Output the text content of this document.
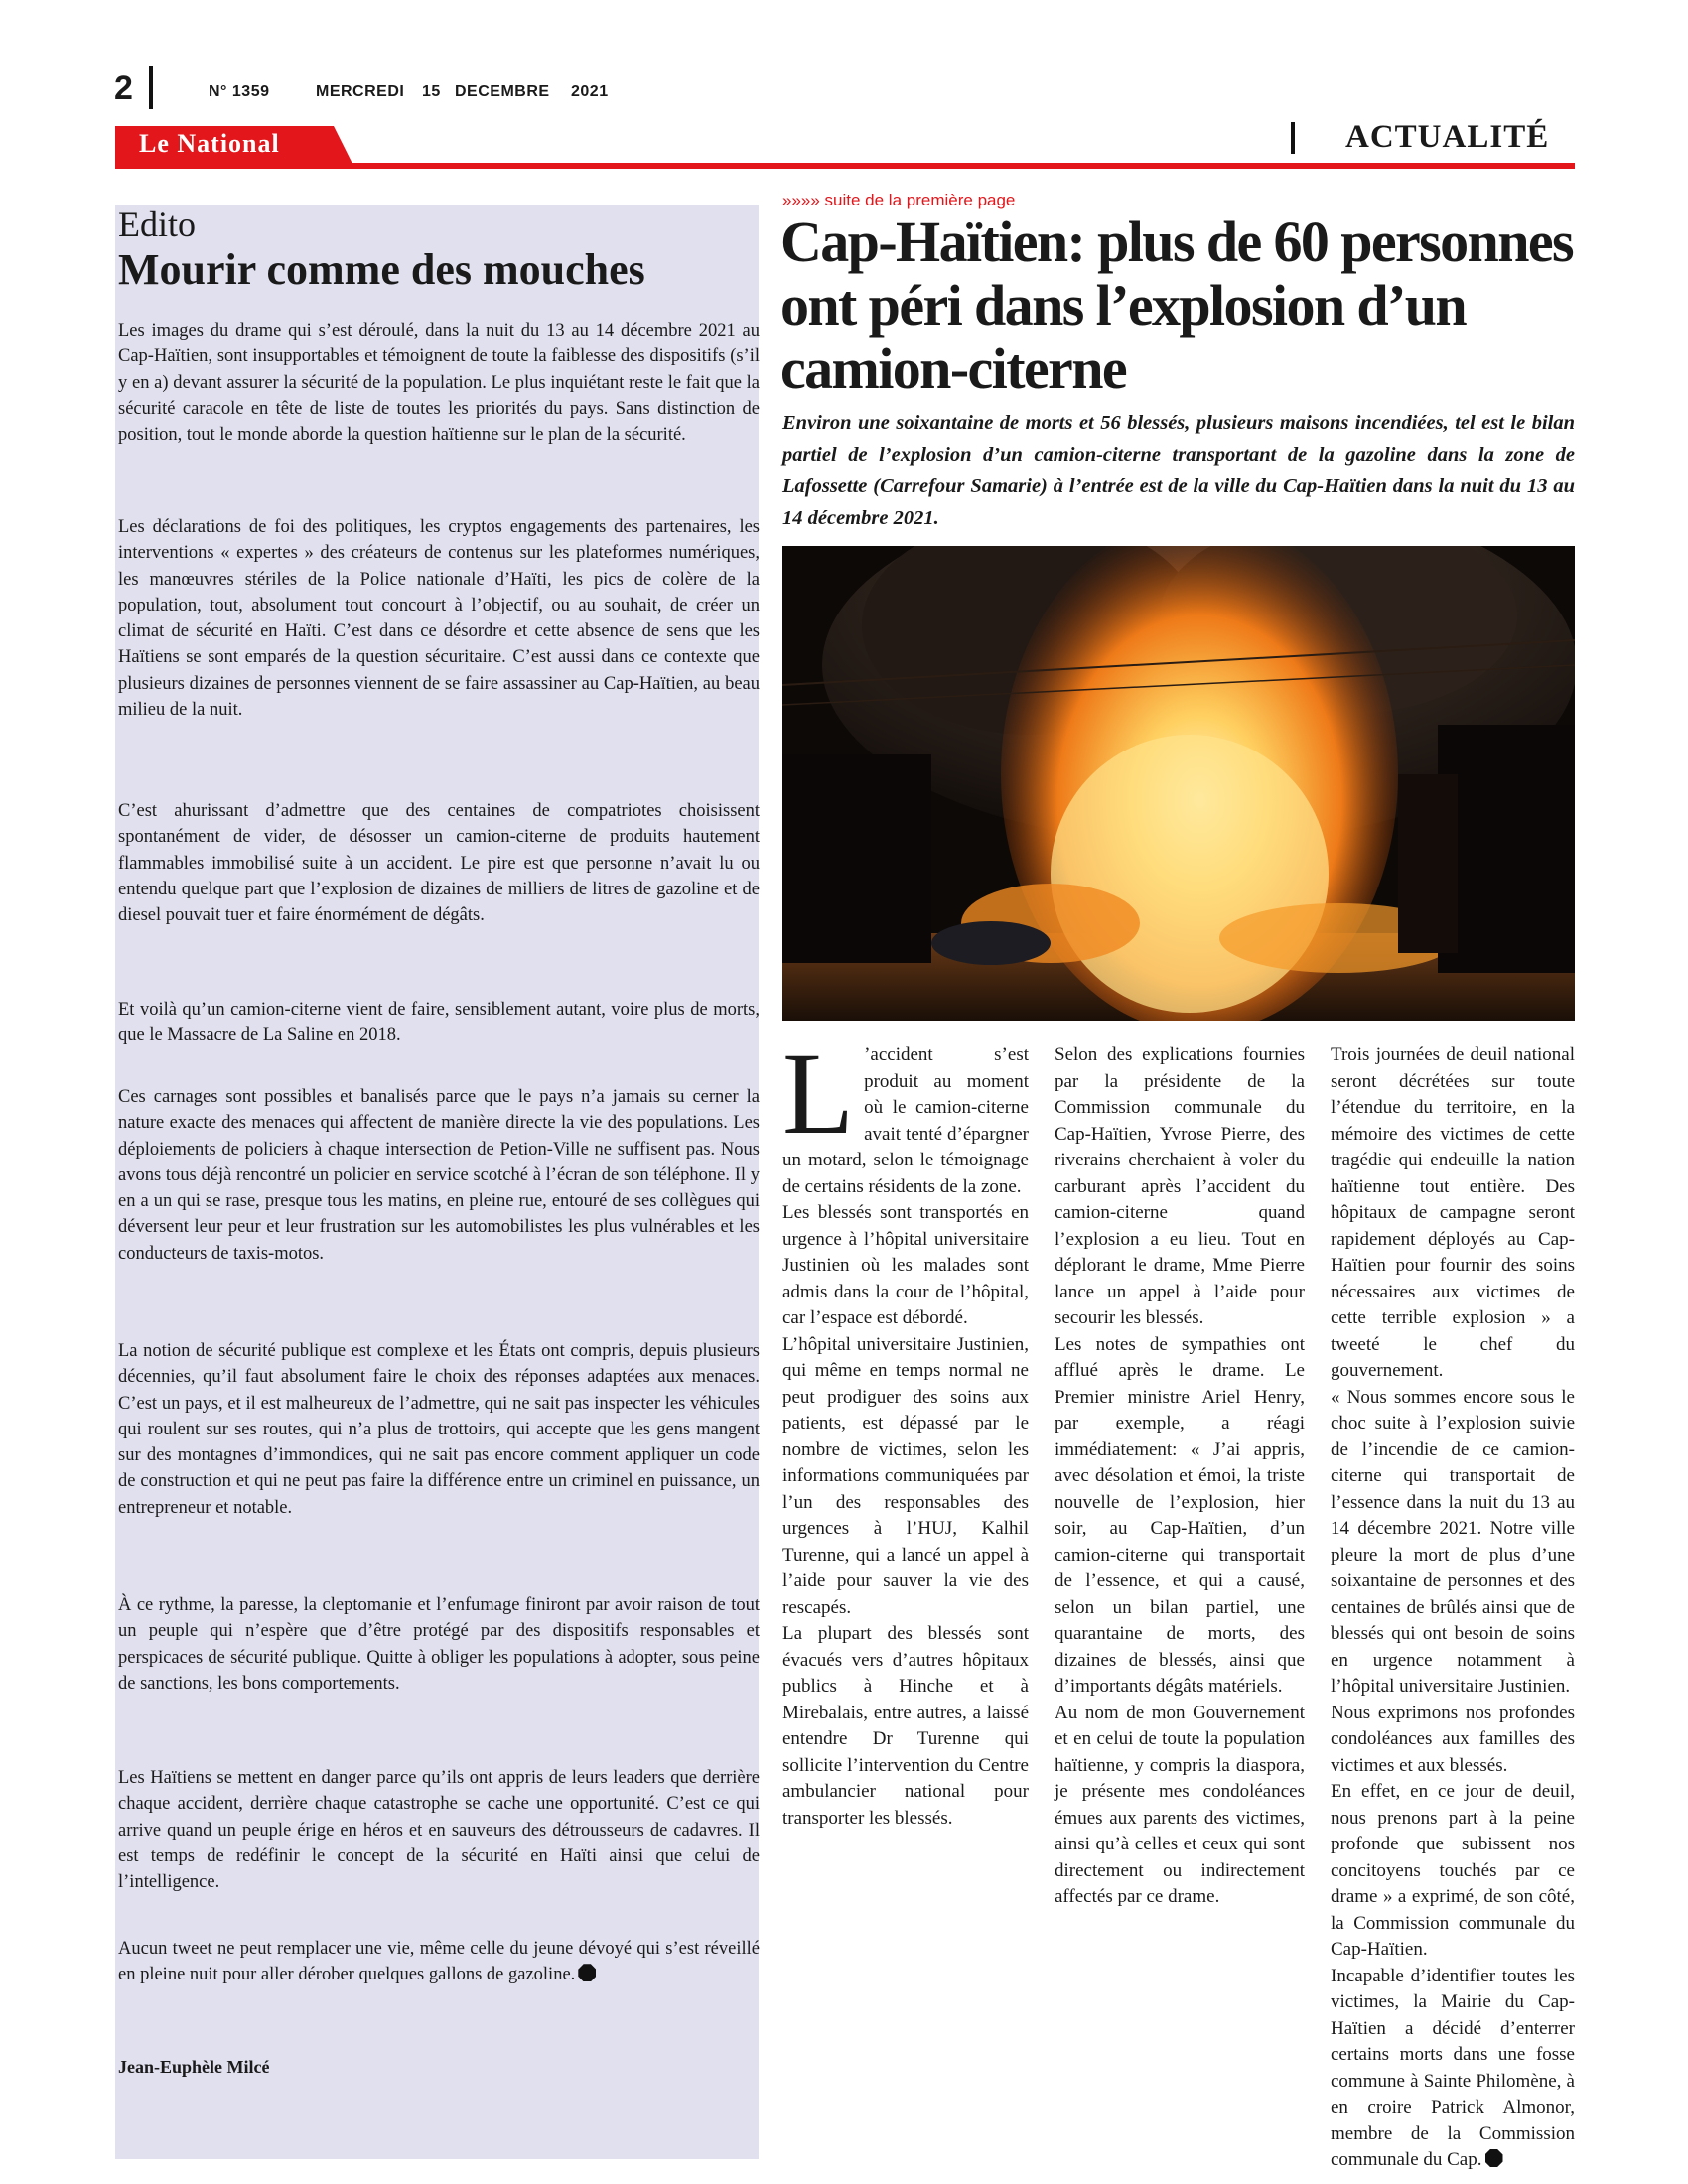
2	N° 1359	MERCREDI 15 DECEMBRE 2021
Le National	ACTUALITÉ
Edito
Mourir comme des mouches

Les images du drame qui s’est déroulé, dans la nuit du 13 au 14 décembre 2021 au Cap-Haïtien, sont insupportables et témoignent de toute la faiblesse des dispositifs (s’il y en a) devant assurer la sécurité de la population. Le plus inquiétant reste le fait que la sécurité caracole en tête de liste de toutes les priorités du pays. Sans distinction de position, tout le monde aborde la question haïtienne sur le plan de la sécurité.

Les déclarations de foi des politiques, les cryptos engagements des partenaires, les interventions « expertes » des créateurs de contenus sur les plateformes numériques, les manœuvres stériles de la Police nationale d’Haïti, les pics de colère de la population, tout, absolument tout concourt à l’objectif, ou au souhait, de créer un climat de sécurité en Haïti. C’est dans ce désordre et cette absence de sens que les Haïtiens se sont emparés de la question sécuritaire. C’est aussi dans ce contexte que plusieurs dizaines de personnes viennent de se faire assassiner au Cap-Haïtien, au beau milieu de la nuit.

C’est ahurissant d’admettre que des centaines de compatriotes choisissent spontanément de vider, de désosser un camion-citerne de produits hautement flammables immobilisé suite à un accident. Le pire est que personne n’avait lu ou entendu quelque part que l’explosion de dizaines de milliers de litres de gazoline et de diesel pouvait tuer et faire énormément de dégâts.

Et voilà qu’un camion-citerne vient de faire, sensiblement autant, voire plus de morts, que le Massacre de La Saline en 2018.

Ces carnages sont possibles et banalisés parce que le pays n’a jamais su cerner la nature exacte des menaces qui affectent de manière directe la vie des populations. Les déploiements de policiers à chaque intersection de Petion-Ville ne suffisent pas. Nous avons tous déjà rencontré un policier en service scotché à l’écran de son téléphone. Il y en a un qui se rase, presque tous les matins, en pleine rue, entouré de ses collègues qui déversent leur peur et leur frustration sur les automobilistes les plus vulnérables et les conducteurs de taxis-motos.

La notion de sécurité publique est complexe et les États ont compris, depuis plusieurs décennies, qu’il faut absolument faire le choix des réponses adaptées aux menaces. C’est un pays, et il est malheureux de l’admettre, qui ne sait pas inspecter les véhicules qui roulent sur ses routes, qui n’a plus de trottoirs, qui accepte que les gens mangent sur des montagnes d’immondices, qui ne sait pas encore comment appliquer un code de construction et qui ne peut pas faire la différence entre un criminel en puissance, un entrepreneur et notable.

À ce rythme, la paresse, la cleptomanie et l’enfumage finiront par avoir raison de tout un peuple qui n’espère que d’être protégé par des dispositifs responsables et perspicaces de sécurité publique. Quitte à obliger les populations à adopter, sous peine de sanctions, les bons comportements.

Les Haïtiens se mettent en danger parce qu’ils ont appris de leurs leaders que derrière chaque accident, derrière chaque catastrophe se cache une opportunité. C’est ce qui arrive quand un peuple érige en héros et en sauveurs des détrousseurs de cadavres. Il est temps de redéfinir le concept de la sécurité en Haïti ainsi que celui de l’intelligence.

Aucun tweet ne peut remplacer une vie, même celle du jeune dévoyé qui s’est réveillé en pleine nuit pour aller dérober quelques gallons de gazoline.

Jean-Euphèle Milcé
»»»» suite de la première page
Cap-Haïtien: plus de 60 personnes ont péri dans l’explosion d’un camion-citerne

Environ une soixantaine de morts et 56 blessés, plusieurs maisons incendiées, tel est le bilan partiel de l’explosion d’un camion-citerne transportant de la gazoline dans la zone de Lafossette (Carrefour Samarie) à l’entrée est de la ville du Cap-Haïtien dans la nuit du 13 au 14 décembre 2021.

L ’accident s’est produit au moment où le camion-citerne avait tenté d’épargner un motard, selon le témoignage de certains résidents de la zone.

Les blessés sont transportés en urgence à l’hôpital universitaire Justinien où les malades sont admis dans la cour de l’hôpital, car l’espace est débordé.

L’hôpital universitaire Justinien, qui même en temps normal ne peut prodiguer des soins aux patients, est dépassé par le nombre de victimes, selon les informations communiquées par l’un des responsables des urgences à l’HUJ, Kalhil Turenne, qui a lancé un appel à l’aide pour sauver la vie des rescapés.

La plupart des blessés sont évacués vers d’autres hôpitaux publics à Hinche et à Mirebalais, entre autres, a laissé entendre Dr Turenne qui sollicite l’intervention du Centre ambulancier national pour transporter les blessés.

Selon des explications fournies par la présidente de la Commission communale du Cap-Haïtien, Yvrose Pierre, des riverains cherchaient à voler du carburant après l’accident du camion-citerne quand l’explosion a eu lieu. Tout en déplorant le drame, Mme Pierre lance un appel à l’aide pour secourir les blessés.

Les notes de sympathies ont afflué après le drame. Le Premier ministre Ariel Henry, par exemple, a réagi immédiatement: « J’ai appris, avec désolation et émoi, la triste nouvelle de l’explosion, hier soir, au Cap-Haïtien, d’un camion-citerne qui transportait de l’essence, et qui a causé, selon un bilan partiel, une quarantaine de morts, des dizaines de blessés, ainsi que d’importants dégâts matériels.

Au nom de mon Gouvernement et en celui de toute la population haïtienne, y compris la diaspora, je présente mes condoléances émues aux parents des victimes, ainsi qu’à celles et ceux qui sont directement ou indirectement affectés par ce drame.

Trois journées de deuil national seront décrétées sur toute l’étendue du territoire, en la mémoire des victimes de cette tragédie qui endeuille la nation haïtienne tout entière. Des hôpitaux de campagne seront rapidement déployés au Cap-Haïtien pour fournir des soins nécessaires aux victimes de cette terrible explosion » a tweeté le chef du gouvernement.

« Nous sommes encore sous le choc suite à l’explosion suivie de l’incendie de ce camion-citerne qui transportait de l’essence dans la nuit du 13 au 14 décembre 2021. Notre ville pleure la mort de plus d’une soixantaine de personnes et des centaines de brûlés ainsi que de blessés qui ont besoin de soins en urgence notamment à l’hôpital universitaire Justinien.

Nous exprimons nos profondes condoléances aux familles des victimes et aux blessés.

En effet, en ce jour de deuil, nous prenons part à la peine profonde que subissent nos concitoyens touchés par ce drame » a exprimé, de son côté, la Commission communale du Cap-Haïtien.

Incapable d’identifier toutes les victimes, la Mairie du Cap-Haïtien a décidé d’enterrer certains morts dans une fosse commune à Sainte Philomène, à en croire Patrick Almonor, membre de la Commission communale du Cap.
